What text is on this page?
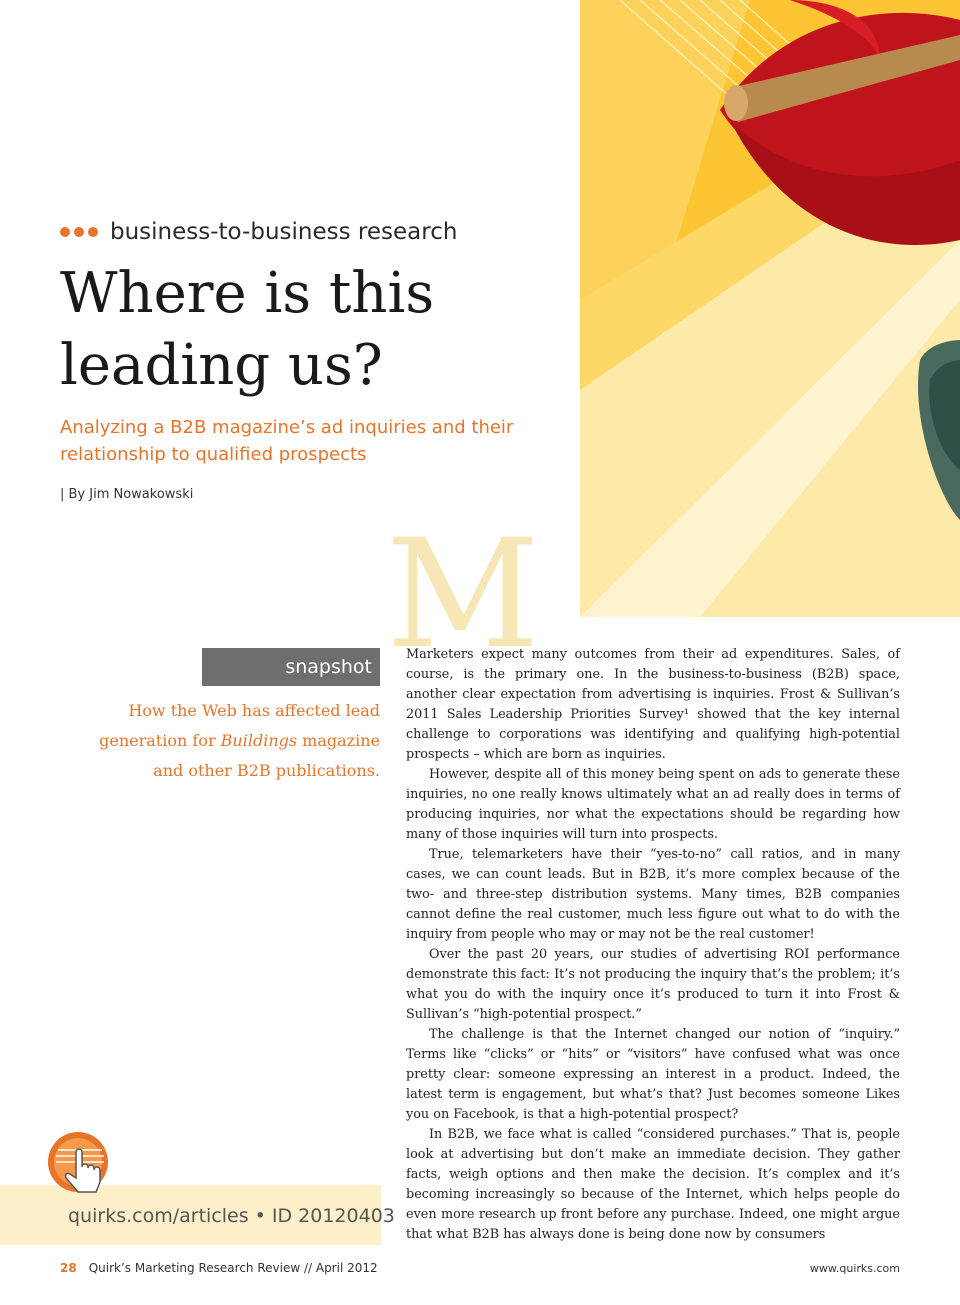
business-to-business research
Where is this
leading us?
Analyzing a B2B magazine’s ad inquiries and their relationship to qualified prospects
| By Jim Nowakowski
M
snapshot
How the Web has affected lead generation for Buildings magazine and other B2B publications.

Marketers expect many outcomes from their ad expenditures. Sales, of course, is the primary one. In the business-to-business (B2B) space, another clear expectation from advertising is inquiries. Frost & Sullivan’s 2011 Sales Leadership Priorities Survey¹ showed that the key internal challenge to corporations was identifying and qualifying high-potential prospects – which are born as inquiries.

However, despite all of this money being spent on ads to generate these inquiries, no one really knows ultimately what an ad really does in terms of producing inquiries, nor what the expectations should be regarding how many of those inquiries will turn into prospects.

True, telemarketers have their “yes-to-no” call ratios, and in many cases, we can count leads. But in B2B, it’s more complex because of the two- and three-step distribution systems. Many times, B2B companies cannot define the real customer, much less figure out what to do with the inquiry from people who may or may not be the real customer!

Over the past 20 years, our studies of advertising ROI performance demonstrate this fact: It’s not producing the inquiry that’s the problem; it’s what you do with the inquiry once it’s produced to turn it into Frost & Sullivan’s “high-potential prospect.”

The challenge is that the Internet changed our notion of “inquiry.” Terms like “clicks” or “hits” or “visitors” have confused what was once pretty clear: someone expressing an interest in a product. Indeed, the latest term is engagement, but what’s that? Just becomes someone Likes you on Facebook, is that a high-potential prospect?

In B2B, we face what is called “considered purchases.” That is, people look at advertising but don’t make an immediate decision. They gather facts, weigh options and then make the decision. It’s complex and it’s becoming increasingly so because of the Internet, which helps people do even more research up front before any purchase. Indeed, one might argue that what B2B has always done is being done now by consumers

quirks.com/articles • ID 20120403
28 Quirk’s Marketing Research Review // April 2012	www.quirks.com
